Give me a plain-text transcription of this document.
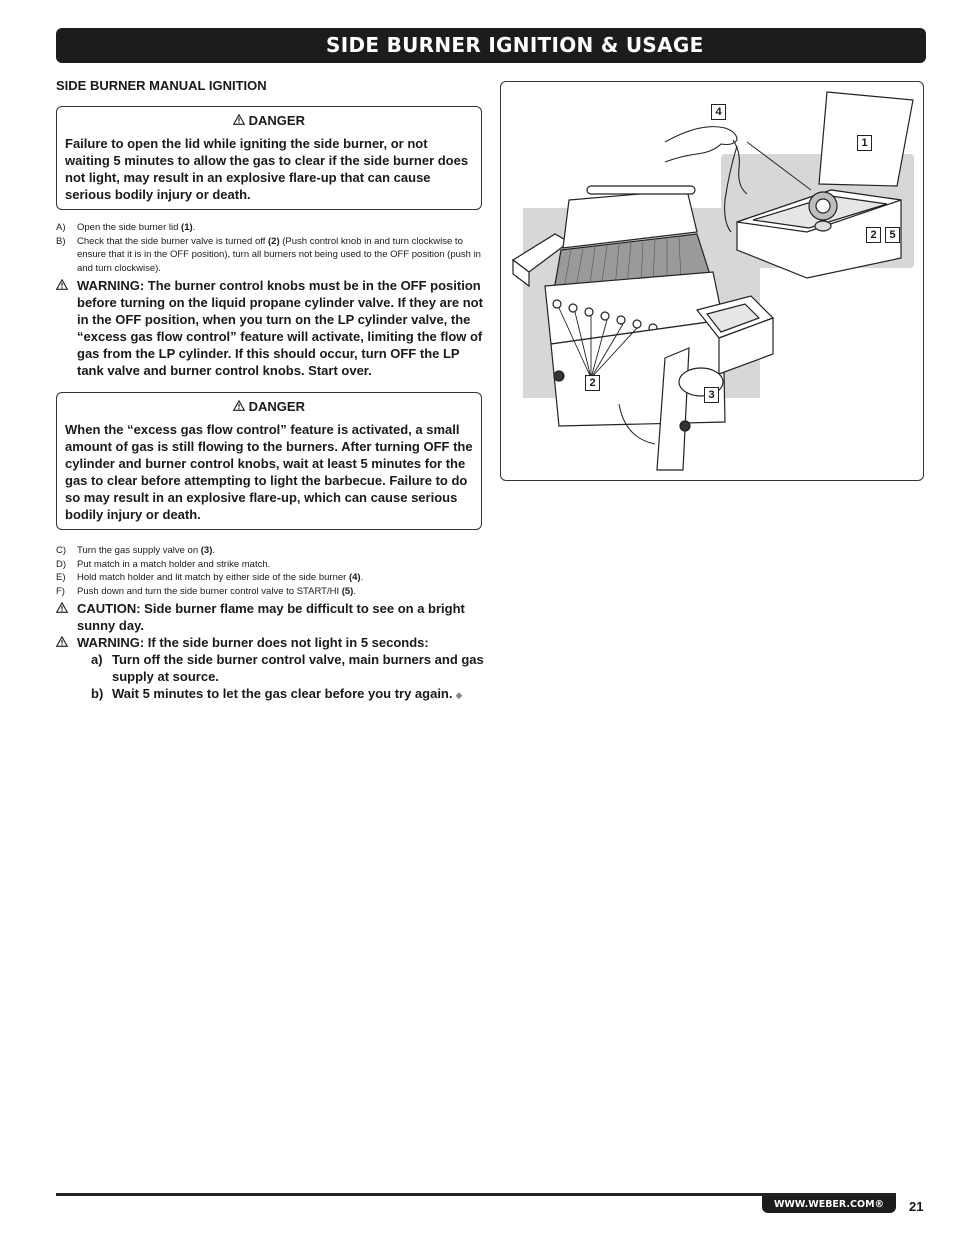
SIDE BURNER IGNITION & USAGE
SIDE BURNER MANUAL IGNITION
DANGER
Failure to open the lid while igniting the side burner, or not waiting 5 minutes to allow the gas to clear if the side burner does not light, may result in an explosive flare-up that can cause serious bodily injury or death.
A)	Open the side burner lid (1).
B)	Check that the side burner valve is turned off (2) (Push control knob in and turn clockwise to ensure that it is in the OFF position), turn all burners not being used to the OFF position (push in and turn clockwise).
WARNING: The burner control knobs must be in the OFF position before turning on the liquid propane cylinder valve. If they are not in the OFF position, when you turn on the LP cylinder valve, the “excess gas flow control” feature will activate, limiting the flow of gas from the LP cylinder. If this should occur, turn OFF the LP tank valve and burner control knobs. Start over.
DANGER
When the “excess gas flow control” feature is activated, a small amount of gas is still flowing to the burners. After turning OFF the cylinder and burner control knobs, wait at least 5 minutes for the gas to clear before attempting to light the barbecue. Failure to do so may result in an explosive flare-up, which can cause serious bodily injury or death.
C)	Turn the gas supply valve on (3).
D)	Put match in a match holder and strike match.
E)	Hold match holder and lit match by either side of the side burner (4).
F)	Push down and turn the side burner control valve to START/HI (5).
CAUTION: Side burner flame may be difficult to see on a bright sunny day.
WARNING: If the side burner does not light in 5 seconds:
a) Turn off the side burner control valve, main burners and gas supply at source.
b) Wait 5 minutes to let the gas clear before you try again. ◆
4
1
2	5
2
3
WWW.WEBER.COM®	21
